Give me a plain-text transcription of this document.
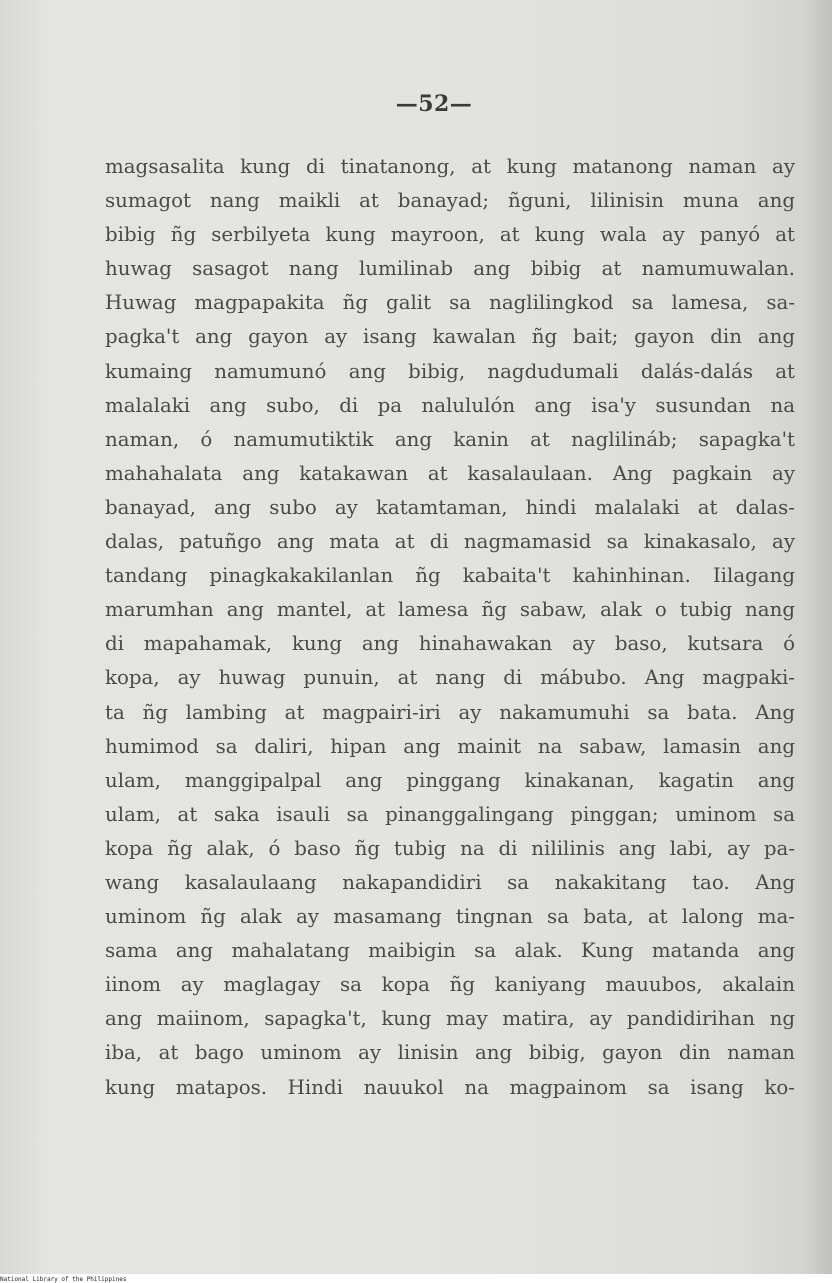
—52—
magsasalita kung di tinatanong, at kung matanong naman ay
sumagot nang maikli at banayad; ñguni, lilinisin muna ang
bibig ñg serbilyeta kung mayroon, at kung wala ay panyó at
huwag sasagot nang lumilinab ang bibig at namumuwalan.
Huwag magpapakita ñg galit sa naglilingkod sa lamesa, sa-
pagka't ang gayon ay isang kawalan ñg bait; gayon din ang
kumaing namumunó ang bibig, nagdudumali dalás-dalás at
malalaki ang subo, di pa nalululón ang isa'y susundan na
naman, ó namumutiktik ang kanin at naglilináb; sapagka't
mahahalata ang katakawan at kasalaulaan. Ang pagkain ay
banayad, ang subo ay katamtaman, hindi malalaki at dalas-
dalas, patuñgo ang mata at di nagmamasid sa kinakasalo, ay
tandang pinagkakakilanlan ñg kabaita't kahinhinan. Iilagang
marumhan ang mantel, at lamesa ñg sabaw, alak o tubig nang
di mapahamak, kung ang hinahawakan ay baso, kutsara ó
kopa, ay huwag punuin, at nang di mábubo. Ang magpaki-
ta ñg lambing at magpairi-iri ay nakamumuhi sa bata. Ang
humimod sa daliri, hipan ang mainit na sabaw, lamasin ang
ulam, manggipalpal ang pinggang kinakanan, kagatin ang
ulam, at saka isauli sa pinanggalingang pinggan; uminom sa
kopa ñg alak, ó baso ñg tubig na di nililinis ang labi, ay pa-
wang kasalaulaang nakapandidiri sa nakakitang tao. Ang
uminom ñg alak ay masamang tingnan sa bata, at lalong ma-
sama ang mahalatang maibigin sa alak. Kung matanda ang
iinom ay maglagay sa kopa ñg kaniyang mauubos, akalain
ang maiinom, sapagka't, kung may matira, ay pandidirihan ng
iba, at bago uminom ay linisin ang bibig, gayon din naman
kung matapos. Hindi nauukol na magpainom sa isang ko-
National Library of the Philippines
